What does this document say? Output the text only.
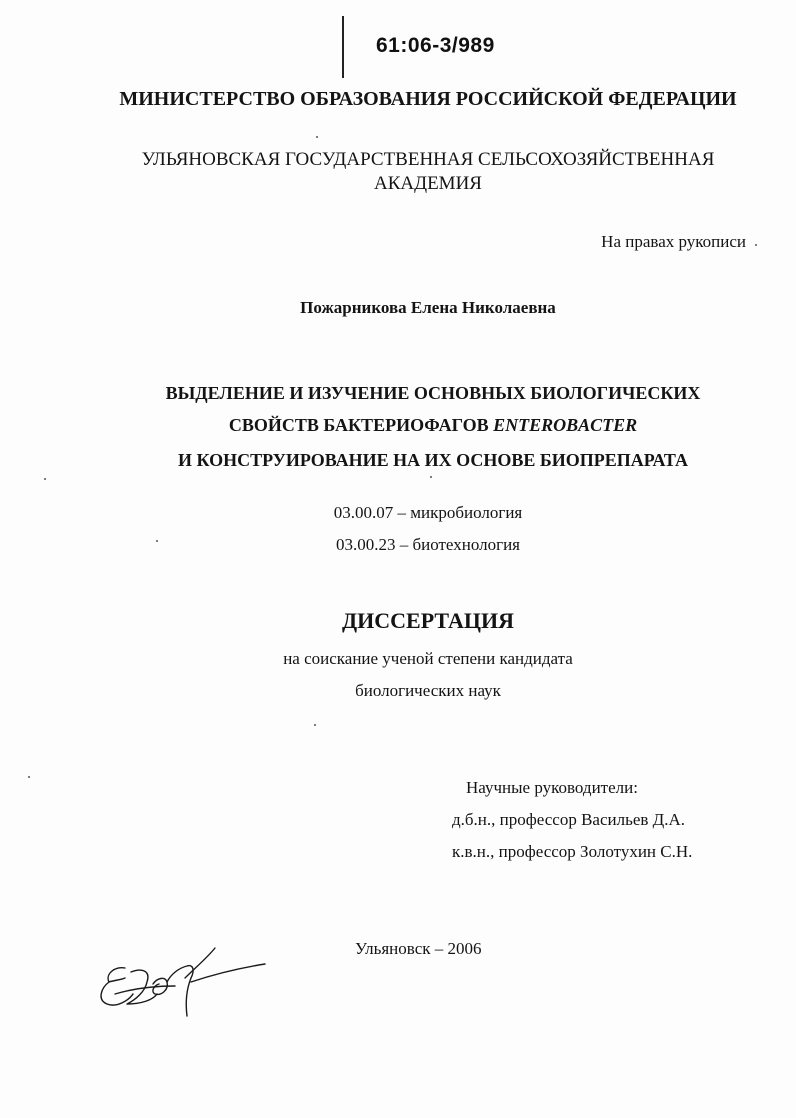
61:06-3/989
МИНИСТЕРСТВО ОБРАЗОВАНИЯ РОССИЙСКОЙ ФЕДЕРАЦИИ
УЛЬЯНОВСКАЯ ГОСУДАРСТВЕННАЯ СЕЛЬСОХОЗЯЙСТВЕННАЯ
АКАДЕМИЯ
На правах рукописи
Пожарникова Елена Николаевна
ВЫДЕЛЕНИЕ И ИЗУЧЕНИЕ ОСНОВНЫХ БИОЛОГИЧЕСКИХ
СВОЙСТВ БАКТЕРИОФАГОВ ENTEROBACTER
И КОНСТРУИРОВАНИЕ НА ИХ ОСНОВЕ БИОПРЕПАРАТА
03.00.07 – микробиология
03.00.23 – биотехнология
ДИССЕРТАЦИЯ
на соискание ученой степени кандидата
биологических наук
Научные руководители:
д.б.н., профессор Васильев Д.А.
к.в.н., профессор Золотухин С.Н.
Ульяновск – 2006
